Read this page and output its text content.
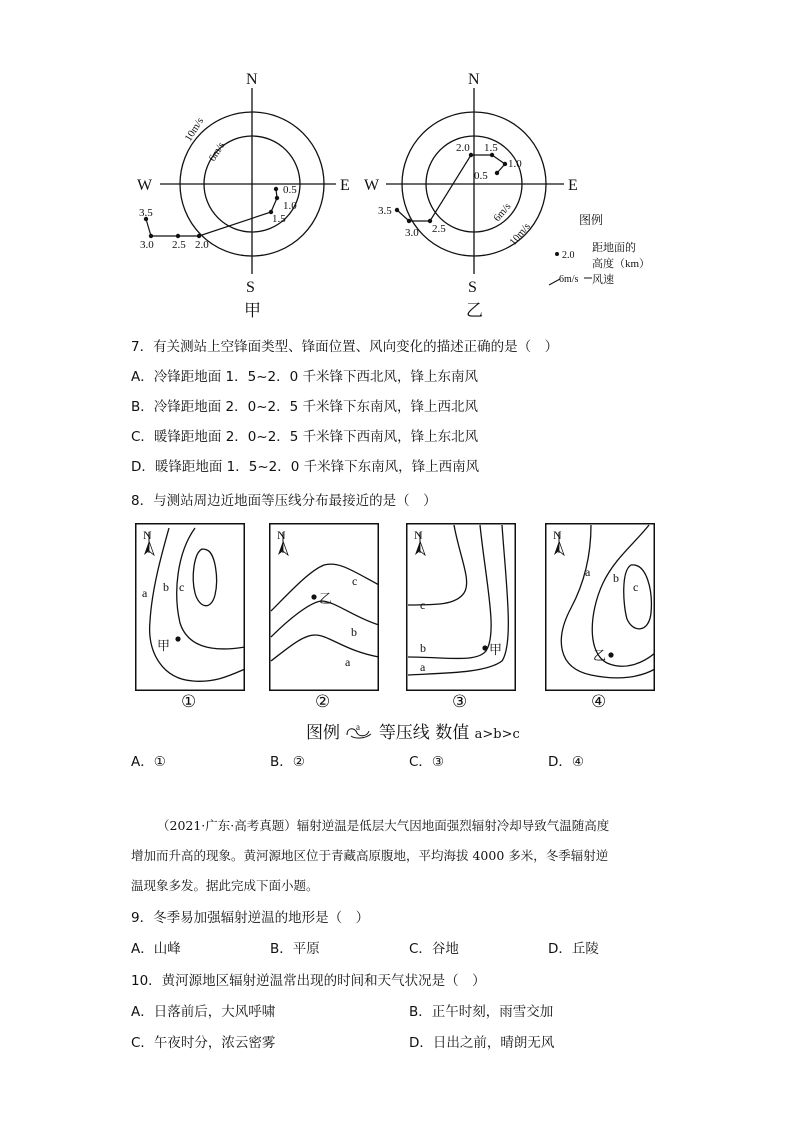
0.5
1.0
1.5
2.0
2.5
3.0
3.5
10m/s
6m/s
N
S
E
W
甲
0.5
1.0
1.5
2.0
2.5
3.0
3.5	6m/s
10m/s
N
S
E
W
乙
图例
2.0
距地面的
高度（km）
6m/s 风速
7．有关测站上空锋面类型、锋面位置、风向变化的描述正确的是（　）
A．冷锋距地面 1．5~2．0 千米锋下西北风，锋上东南风
B．冷锋距地面 2．0~2．5 千米锋下东南风，锋上西北风
C．暖锋距地面 2．0~2．5 千米锋下西南风，锋上东北风
D．暖锋距地面 1．5~2．0 千米锋下东南风，锋上西南风
8．与测站周边近地面等压线分布最接近的是（　）
N
a b c
甲
①
N
c
b
a
乙
②
N
c
b
a
甲
③
N
a b
c
乙
④
图例 a 等压线 数值 a>b>c
A．①	B．②	C．③	D．④
（2021·广东·高考真题）辐射逆温是低层大气因地面强烈辐射冷却导致气温随高度
增加而升高的现象。黄河源地区位于青藏高原腹地，平均海拔 4000 多米，冬季辐射逆
温现象多发。据此完成下面小题。
9．冬季易加强辐射逆温的地形是（　）
A．山峰	B．平原	C．谷地	D．丘陵
10．黄河源地区辐射逆温常出现的时间和天气状况是（　）
A．日落前后，大风呼啸	B．正午时刻，雨雪交加
C．午夜时分，浓云密雾	D．日出之前，晴朗无风
